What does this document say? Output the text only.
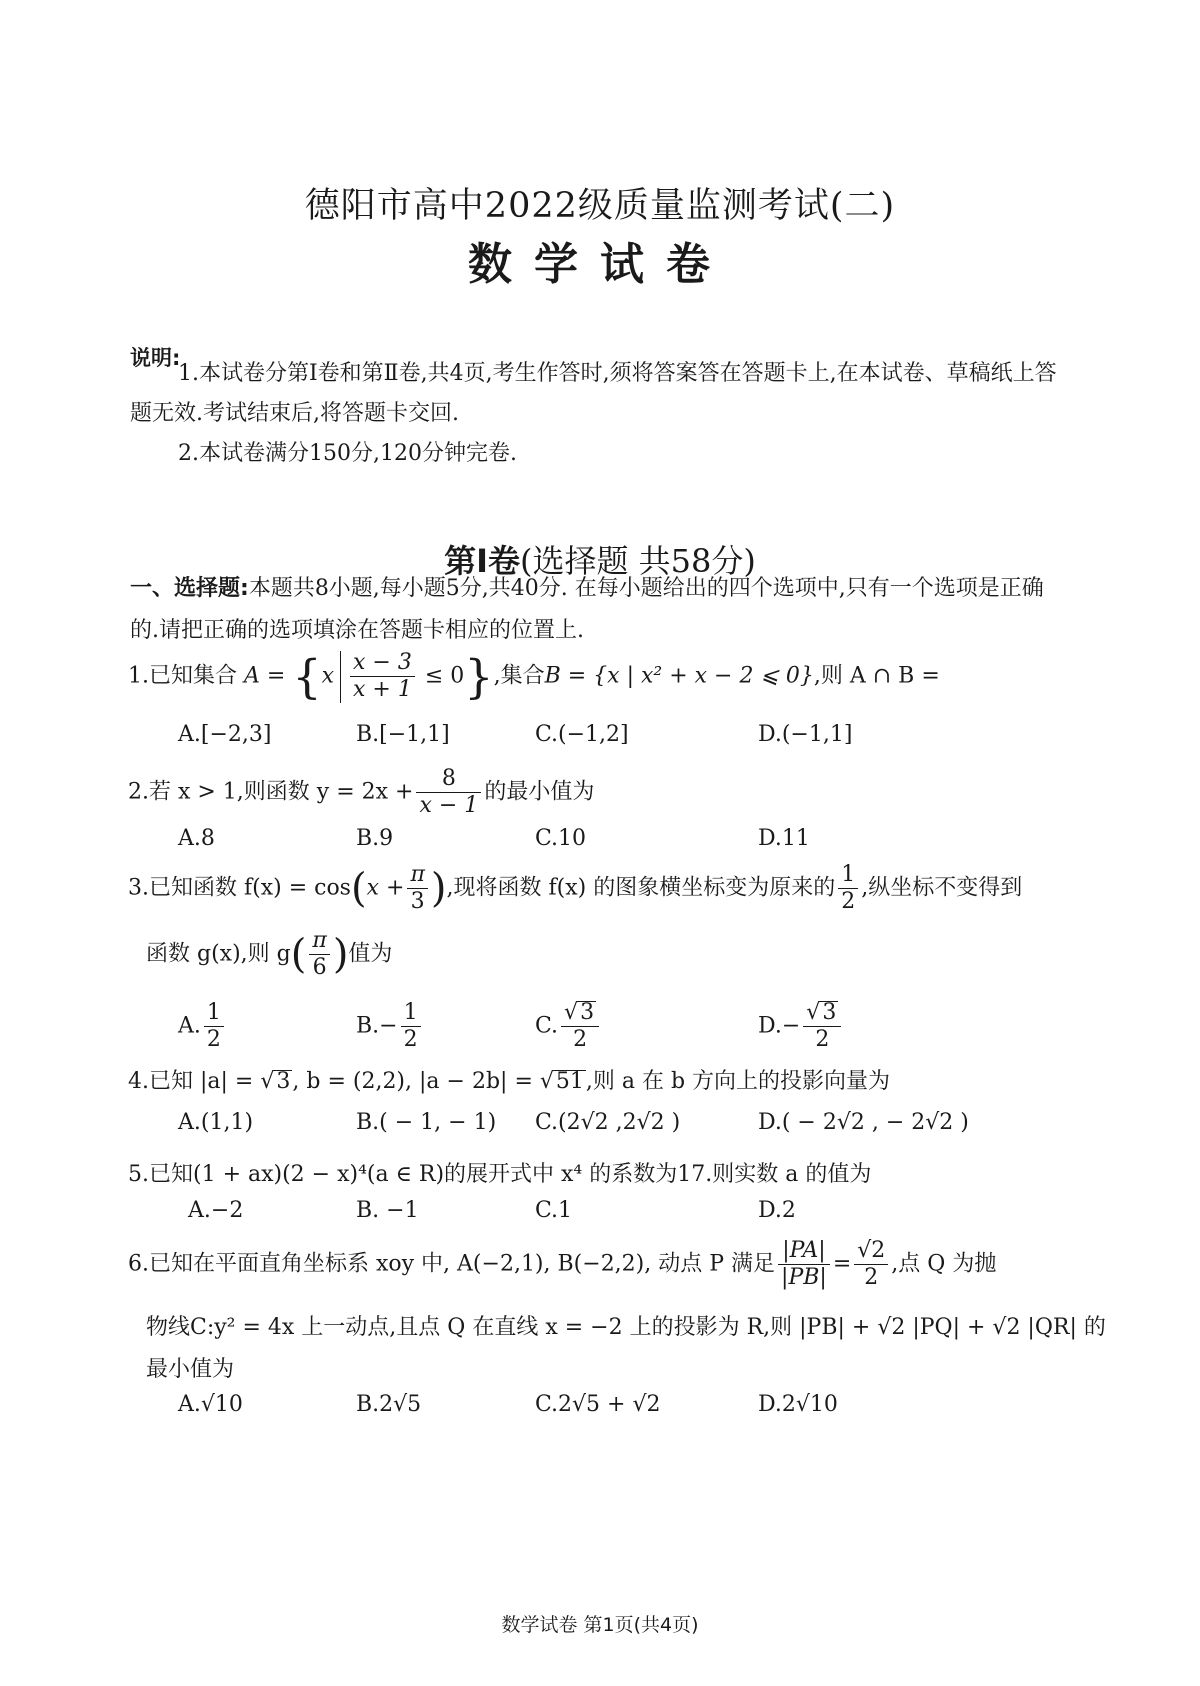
德阳市高中2022级质量监测考试(二)
数学试卷
说明:
1.本试卷分第Ⅰ卷和第Ⅱ卷,共4页,考生作答时,须将答案答在答题卡上,在本试卷、草稿纸上答题无效.考试结束后,将答题卡交回.
2.本试卷满分150分,120分钟完卷.
第Ⅰ卷(选择题 共58分)
一、选择题:本题共8小题,每小题5分,共40分. 在每小题给出的四个选项中,只有一个选项是正确的.请把正确的选项填涂在答题卡相应的位置上.
1.已知集合 $A = \{x \frac{x - 3}{x + 1} \le 0\}$,集合B = {x | x² + x − 2 ⩽ 0},则 A ∩ B =
A.[−2,3]	B.[−1,1]	C.(−1,2]	D.(−1,1]
2.若 x > 1,则函数 $y = 2x + \frac{8}{x - 1}$ 的最小值为
A.8	B.9	C.10	D.11
3.已知函数 $f(x) = \cos(x + \frac{\pi}{3}$ ),现将函数 f(x) 的图象横坐标变为原来的 $\frac{1}{2}$ ,纵坐标不变得到
函数 g(x),则 $g( \frac{\pi}{6}$ )值为
A. $\frac{1}{2}$	$B.- \frac{1}{2}$	C. $\frac{√3}{2}$	$D.- \frac{√3}{2}$
4.已知 |a| = √3, b = (2,2), |a − 2b| = √51,则 a 在 b 方向上的投影向量为
A.(1,1)	B.( − 1, − 1) C.(2√2 ,2√2 )	D.( − 2√2 , − 2√2 )
5.已知(1 + ax)(2 − x)⁴(a ∈ R)的展开式中 x⁴ 的系数为17.则实数 a 的值为
A.−2	B. −1	C.1	D.2
6.已知在平面直角坐标系 xoy 中, A(−2,1), B(−2,2), 动点 P 满足 $\frac{|PA|}{|PB|} = \frac{√2}{2}$ ,点 Q 为抛
物线C:y² = 4x 上一动点,且点 Q 在直线 x = −2 上的投影为 R,则 |PB| + √2 |PQ| + √2 |QR| 的
最小值为
A.√10	B.2√5	C.2√5 + √2	D.2√10
数学试卷 第1页(共4页)
